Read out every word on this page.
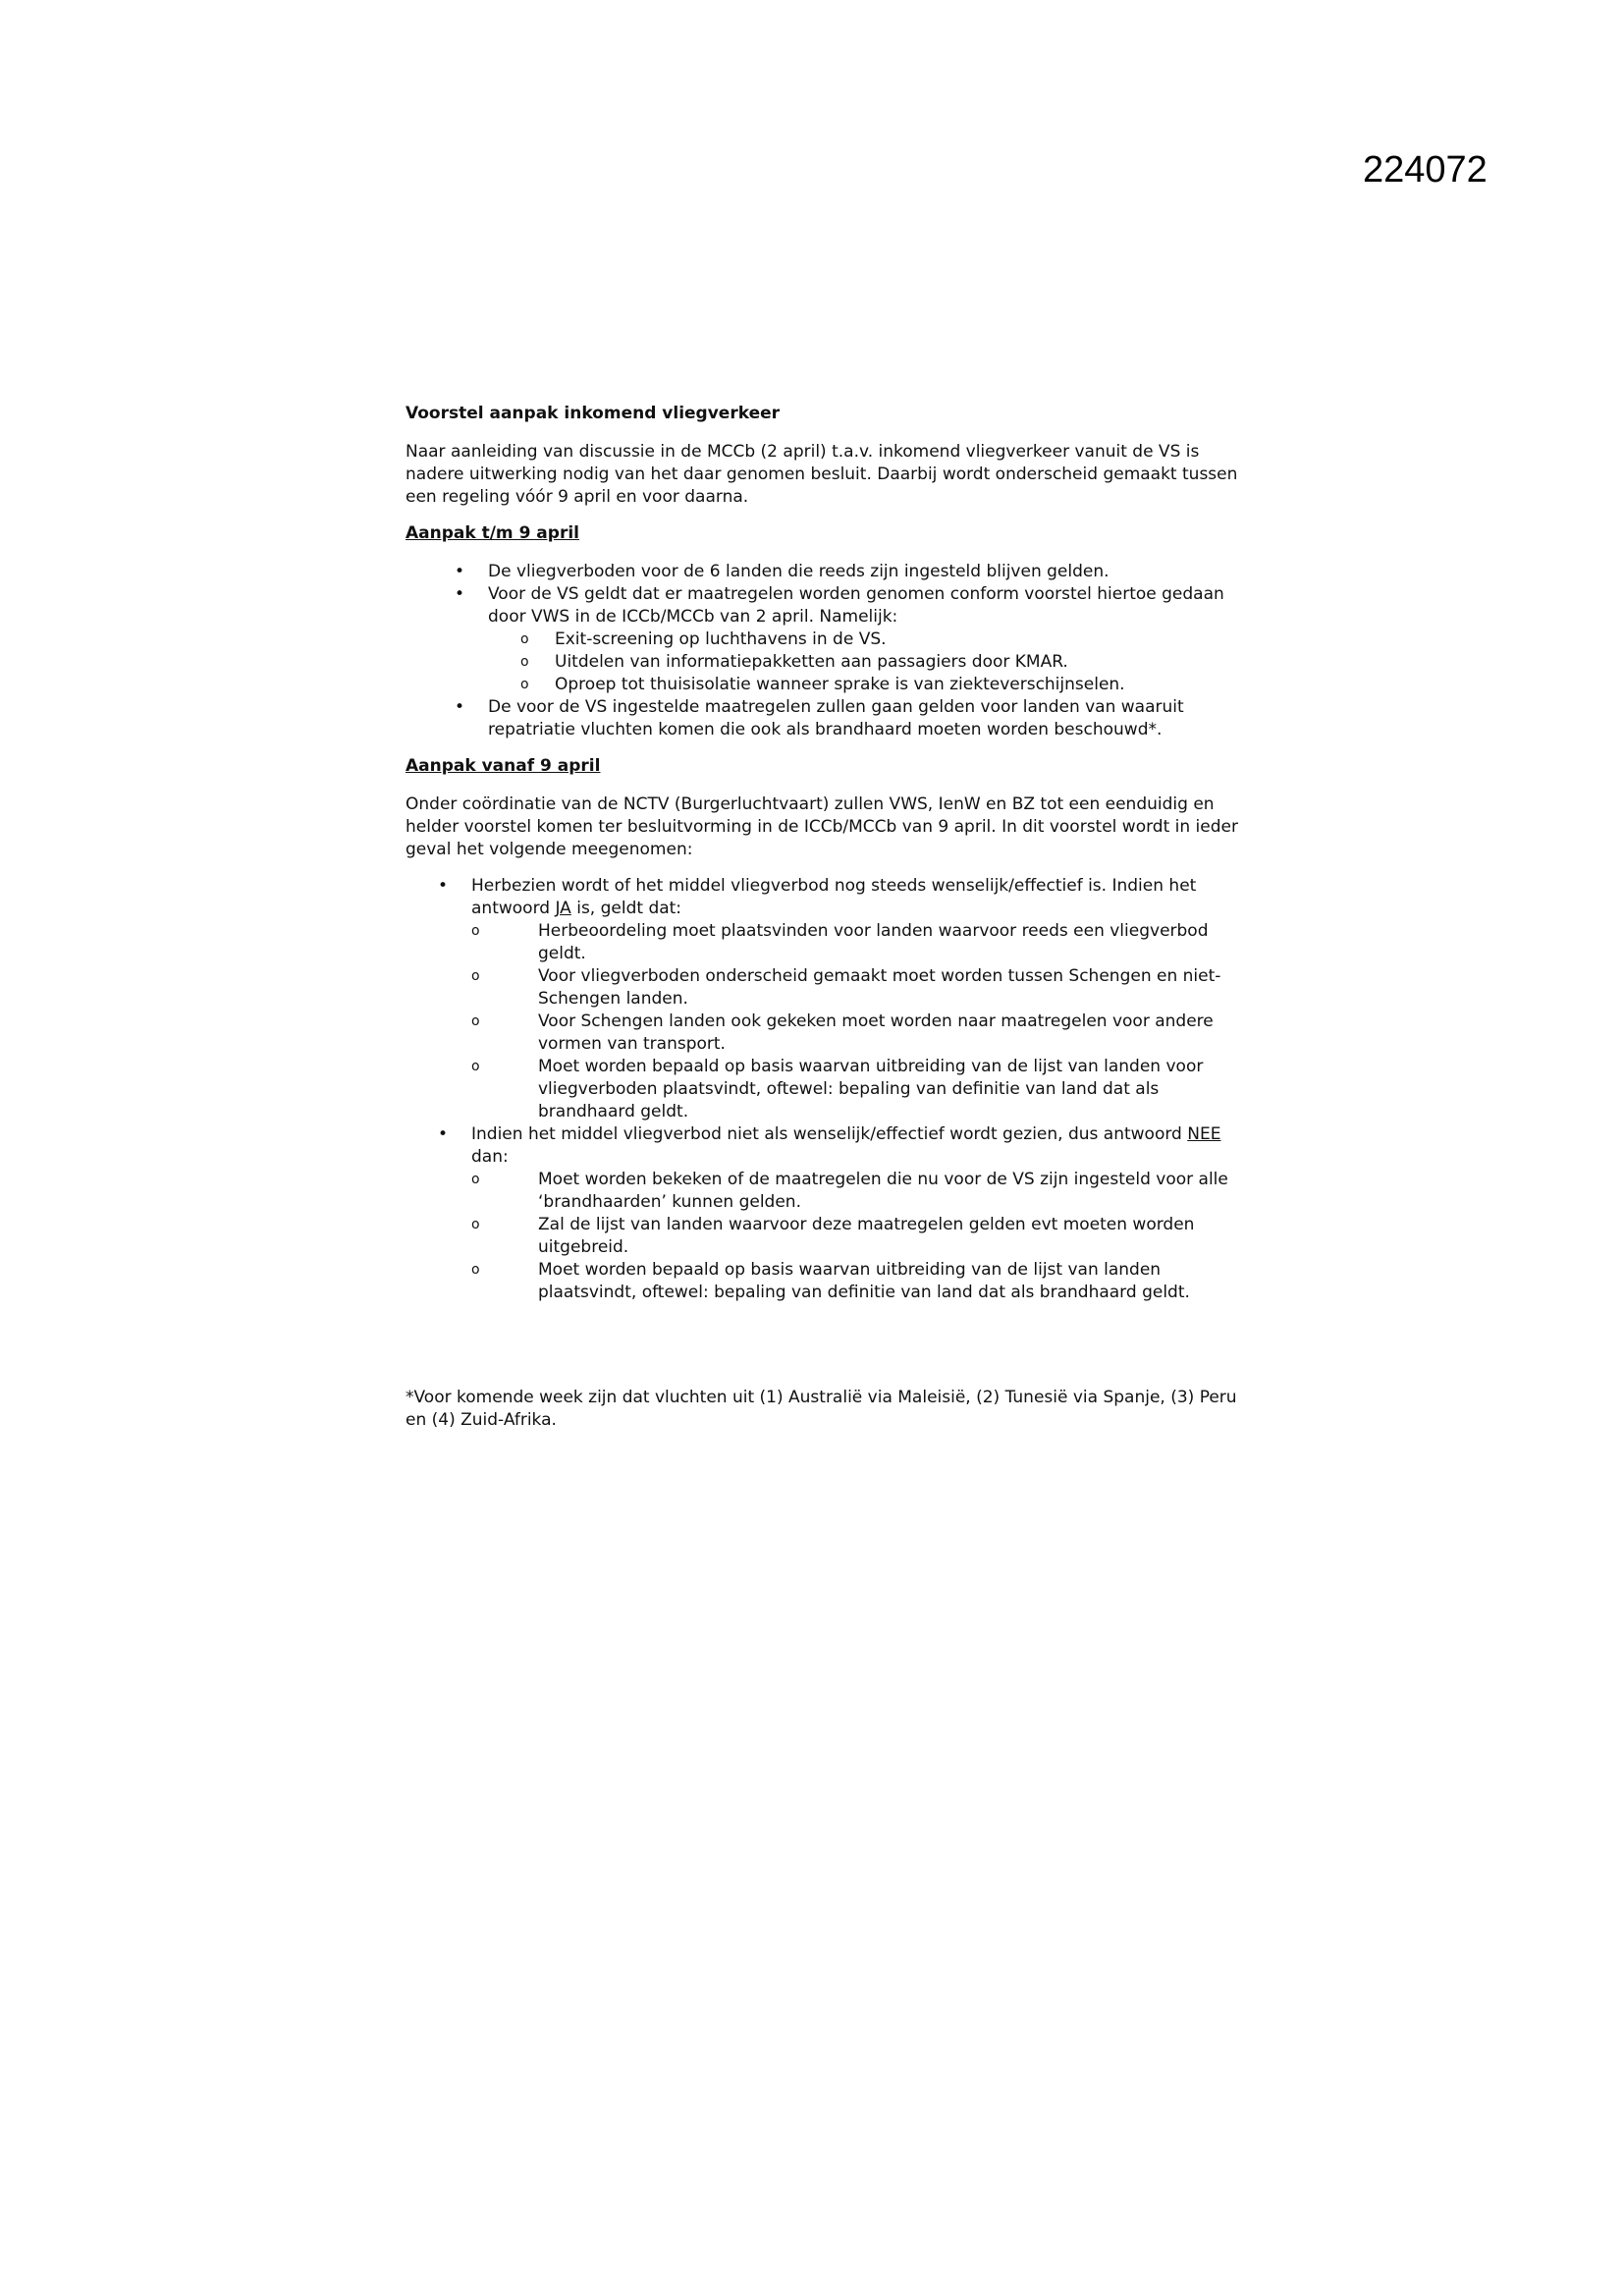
224072
Voorstel aanpak inkomend vliegverkeer

Naar aanleiding van discussie in de MCCb (2 april) t.a.v. inkomend vliegverkeer vanuit de VS is nadere uitwerking nodig van het daar genomen besluit. Daarbij wordt onderscheid gemaakt tussen een regeling vóór 9 april en voor daarna.

Aanpak t/m 9 april
• De vliegverboden voor de 6 landen die reeds zijn ingesteld blijven gelden.
• Voor de VS geldt dat er maatregelen worden genomen conform voorstel hiertoe gedaan door VWS in de ICCb/MCCb van 2 april. Namelijk:
o Exit-screening op luchthavens in de VS.
o Uitdelen van informatiepakketten aan passagiers door KMAR.
o Oproep tot thuisisolatie wanneer sprake is van ziekteverschijnselen.
• De voor de VS ingestelde maatregelen zullen gaan gelden voor landen van waaruit repatriatie vluchten komen die ook als brandhaard moeten worden beschouwd*.
Aanpak vanaf 9 april

Onder coördinatie van de NCTV (Burgerluchtvaart) zullen VWS, IenW en BZ tot een eenduidig en helder voorstel komen ter besluitvorming in de ICCb/MCCb van 9 april. In dit voorstel wordt in ieder geval het volgende meegenomen:

• Herbezien wordt of het middel vliegverbod nog steeds wenselijk/effectief is. Indien het antwoord JA is, geldt dat:
o Herbeoordeling moet plaatsvinden voor landen waarvoor reeds een vliegverbod geldt.
o Voor vliegverboden onderscheid gemaakt moet worden tussen Schengen en niet-Schengen landen.
o Voor Schengen landen ook gekeken moet worden naar maatregelen voor andere vormen van transport.
o Moet worden bepaald op basis waarvan uitbreiding van de lijst van landen voor vliegverboden plaatsvindt, oftewel: bepaling van definitie van land dat als brandhaard geldt.
• Indien het middel vliegverbod niet als wenselijk/effectief wordt gezien, dus antwoord NEE dan:
o Moet worden bekeken of de maatregelen die nu voor de VS zijn ingesteld voor alle ‘brandhaarden’ kunnen gelden.
o Zal de lijst van landen waarvoor deze maatregelen gelden evt moeten worden uitgebreid.
o Moet worden bepaald op basis waarvan uitbreiding van de lijst van landen plaatsvindt, oftewel: bepaling van definitie van land dat als brandhaard geldt.

*Voor komende week zijn dat vluchten uit (1) Australië via Maleisië, (2) Tunesië via Spanje, (3) Peru en (4) Zuid-Afrika.
